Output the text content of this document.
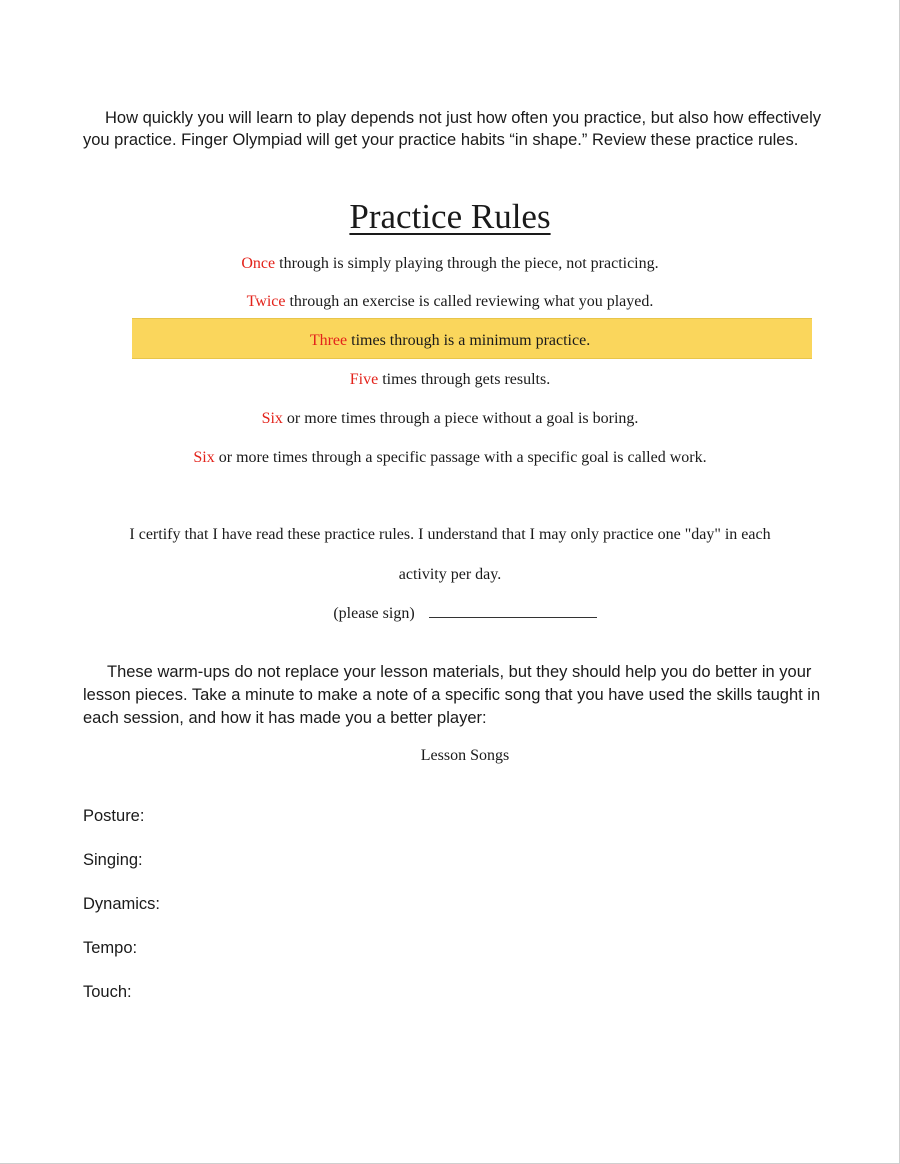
How quickly you will learn to play depends not just how often you practice, but also how effectively you practice. Finger Olympiad will get your practice habits “in shape.” Review these practice rules.

Practice Rules
Once through is simply playing through the piece, not practicing.
Twice through an exercise is called reviewing what you played.
Three times through is a minimum practice.
Five times through gets results.
Six or more times through a piece without a goal is boring.
Six or more times through a specific passage with a specific goal is called work.
I certify that I have read these practice rules. I understand that I may only practice one "day" in each
activity per day.
(please sign)

These warm-ups do not replace your lesson materials, but they should help you do better in your lesson pieces. Take a minute to make a note of a specific song that you have used the skills taught in each session, and how it has made you a better player:

Lesson Songs
Posture:
Singing:
Dynamics:
Tempo:
Touch:
